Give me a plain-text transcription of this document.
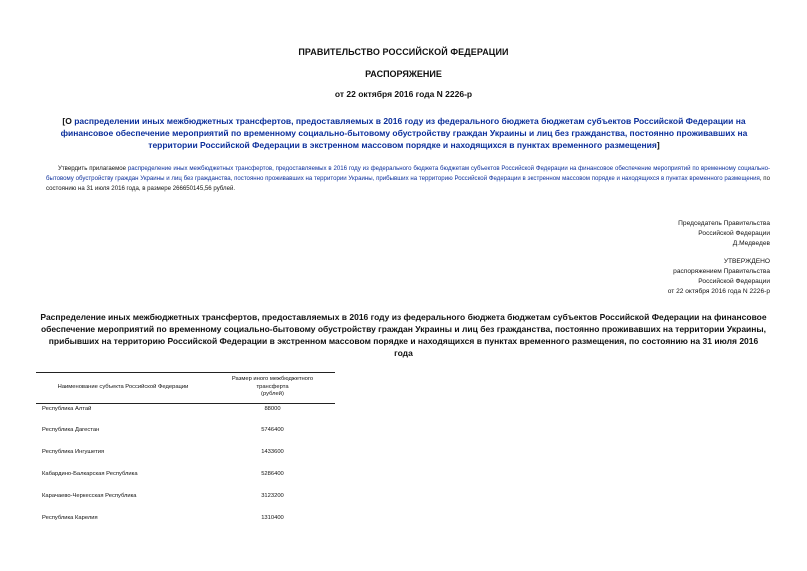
ПРАВИТЕЛЬСТВО РОССИЙСКОЙ ФЕДЕРАЦИИ
РАСПОРЯЖЕНИЕ
от 22 октября 2016 года N 2226-р
[О распределении иных межбюджетных трансфертов, предоставляемых в 2016 году из федерального бюджета бюджетам субъектов Российской Федерации на финансовое обеспечение мероприятий по временному социально-бытовому обустройству граждан Украины и лиц без гражданства, постоянно проживавших на территории Российской Федерации в экстренном массовом порядке и находящихся в пунктах временного размещения]
Утвердить прилагаемое распределение иных межбюджетных трансфертов, предоставляемых в 2016 году из федерального бюджета бюджетам субъектов Российской Федерации на финансовое обеспечение мероприятий по временному социально-бытовому обустройству граждан Украины и лиц без гражданства, постоянно проживавших на территории Украины, прибывших на территорию Российской Федерации в экстренном массовом порядке и находящихся в пунктах временного размещения, по состоянию на 31 июля 2016 года, в размере 266650145,56 рублей.
Председатель Правительства
Российской Федерации
Д.Медведев
УТВЕРЖДЕНО
распоряжением Правительства
Российской Федерации
от 22 октября 2016 года N 2226-р
Распределение иных межбюджетных трансфертов, предоставляемых в 2016 году из федерального бюджета бюджетам субъектов Российской Федерации на финансовое обеспечение мероприятий по временному социально-бытовому обустройству граждан Украины и лиц без гражданства, постоянно проживавших на территории Украины, прибывших на территорию Российской Федерации в экстренном массовом порядке и находящихся в пунктах временного размещения, по состоянию на 31 июля 2016 года
Наименование субъекта Российской Федерации	Размер иного межбюджетного
трансферта
(рублей)

Республика Алтай	88000
Республика Дагестан	5746400
Республика Ингушетия	1433600
Кабардино-Балкарская Республика	5286400
Карачаево-Черкесская Республика	3123200
Республика Карелия	1310400
